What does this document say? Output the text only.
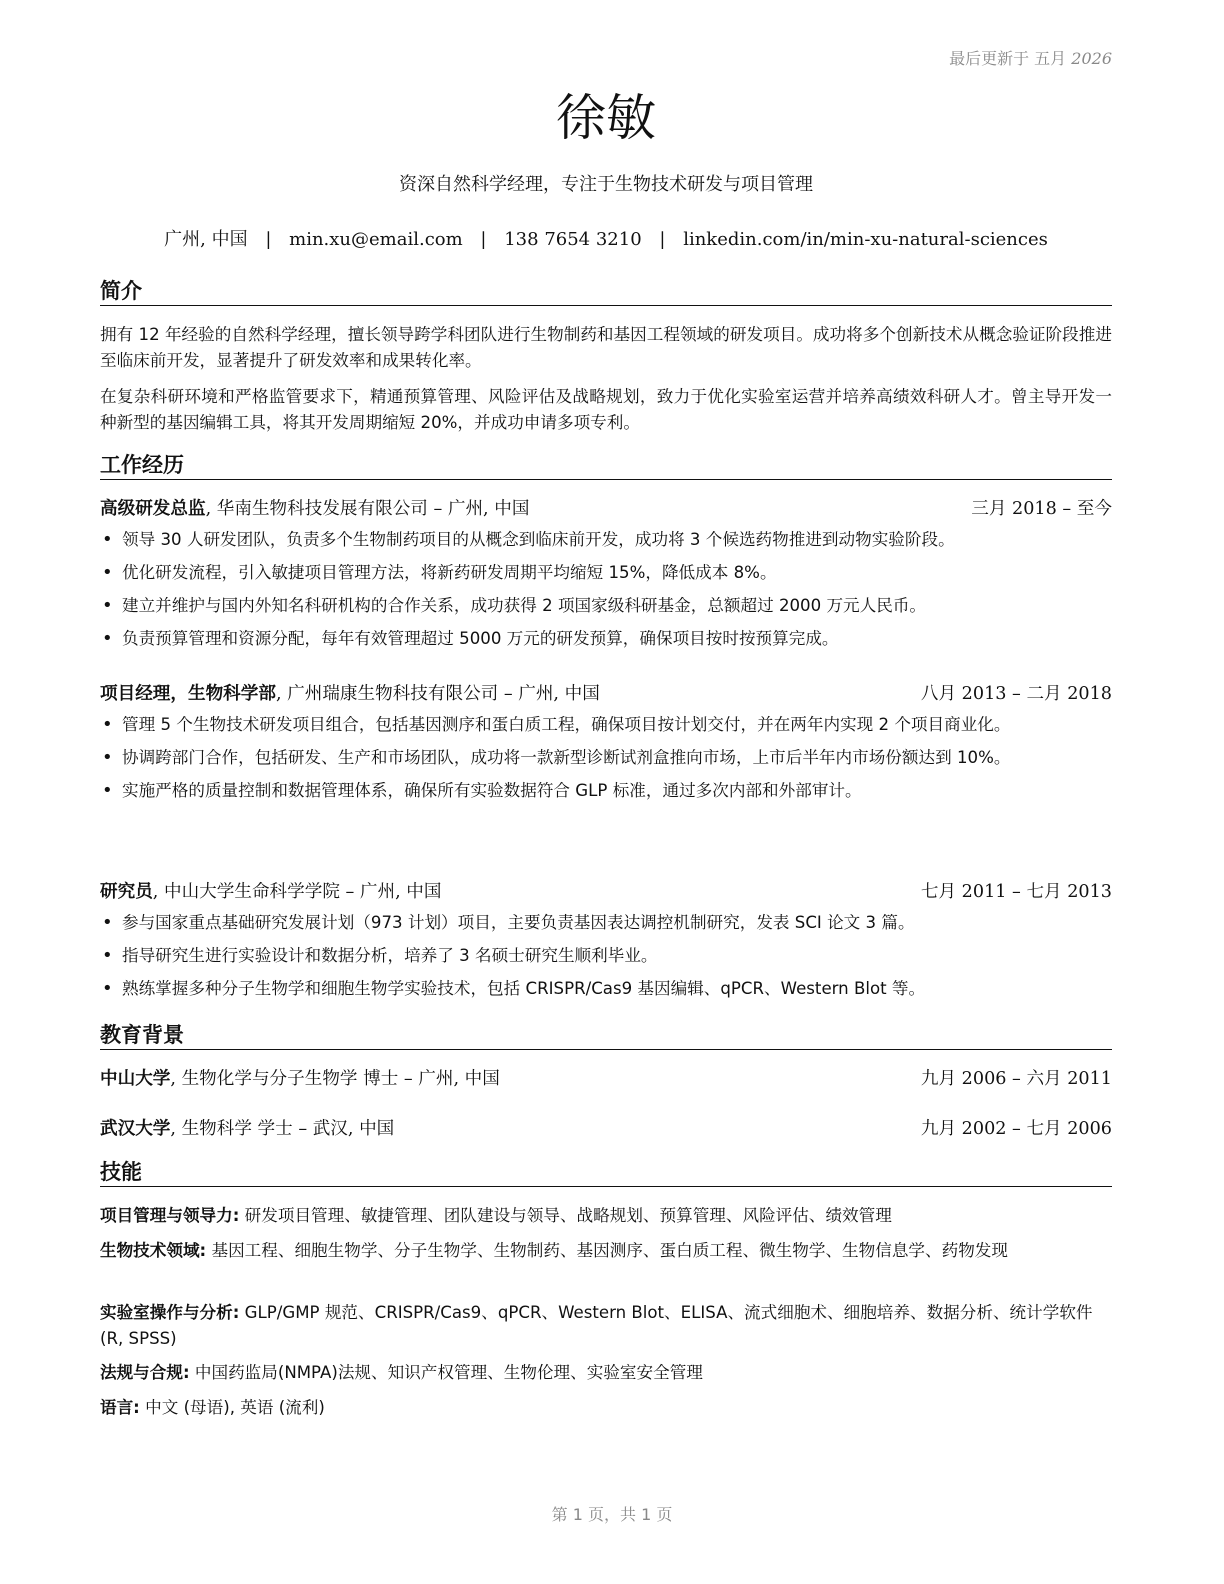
最后更新于 五月 2026
徐敏
资深自然科学经理，专注于生物技术研发与项目管理
广州, 中国 | min.xu@email.com | 138 7654 3210 | linkedin.com/in/min-xu-natural-sciences
简介
拥有 12 年经验的自然科学经理，擅长领导跨学科团队进行生物制药和基因工程领域的研发项目。成功将多个创新技术从概念验证阶段推进至临床前开发，显著提升了研发效率和成果转化率。
在复杂科研环境和严格监管要求下，精通预算管理、风险评估及战略规划，致力于优化实验室运营并培养高绩效科研人才。曾主导开发一种新型的基因编辑工具，将其开发周期缩短 20%，并成功申请多项专利。
工作经历
高级研发总监, 华南生物科技发展有限公司 – 广州, 中国	三月 2018 – 至今
• 领导 30 人研发团队，负责多个生物制药项目的从概念到临床前开发，成功将 3 个候选药物推进到动物实验阶段。
• 优化研发流程，引入敏捷项目管理方法，将新药研发周期平均缩短 15%，降低成本 8%。
• 建立并维护与国内外知名科研机构的合作关系，成功获得 2 项国家级科研基金，总额超过 2000 万元人民币。
• 负责预算管理和资源分配，每年有效管理超过 5000 万元的研发预算，确保项目按时按预算完成。
项目经理，生物科学部, 广州瑞康生物科技有限公司 – 广州, 中国	八月 2013 – 二月 2018
• 管理 5 个生物技术研发项目组合，包括基因测序和蛋白质工程，确保项目按计划交付，并在两年内实现 2 个项目商业化。
• 协调跨部门合作，包括研发、生产和市场团队，成功将一款新型诊断试剂盒推向市场，上市后半年内市场份额达到 10%。
• 实施严格的质量控制和数据管理体系，确保所有实验数据符合 GLP 标准，通过多次内部和外部审计。
研究员, 中山大学生命科学学院 – 广州, 中国	七月 2011 – 七月 2013
• 参与国家重点基础研究发展计划（973 计划）项目，主要负责基因表达调控机制研究，发表 SCI 论文 3 篇。
• 指导研究生进行实验设计和数据分析，培养了 3 名硕士研究生顺利毕业。
• 熟练掌握多种分子生物学和细胞生物学实验技术，包括 CRISPR/Cas9 基因编辑、qPCR、Western Blot 等。
教育背景
中山大学, 生物化学与分子生物学 博士 – 广州, 中国	九月 2006 – 六月 2011
武汉大学, 生物科学 学士 – 武汉, 中国	九月 2002 – 七月 2006
技能
项目管理与领导力: 研发项目管理、敏捷管理、团队建设与领导、战略规划、预算管理、风险评估、绩效管理
生物技术领域: 基因工程、细胞生物学、分子生物学、生物制药、基因测序、蛋白质工程、微生物学、生物信息学、药物发现
实验室操作与分析: GLP/GMP 规范、CRISPR/Cas9、qPCR、Western Blot、ELISA、流式细胞术、细胞培养、数据分析、统计学软件 (R, SPSS)
法规与合规: 中国药监局(NMPA)法规、知识产权管理、生物伦理、实验室安全管理
语言: 中文 (母语), 英语 (流利)
第 1 页，共 1 页
